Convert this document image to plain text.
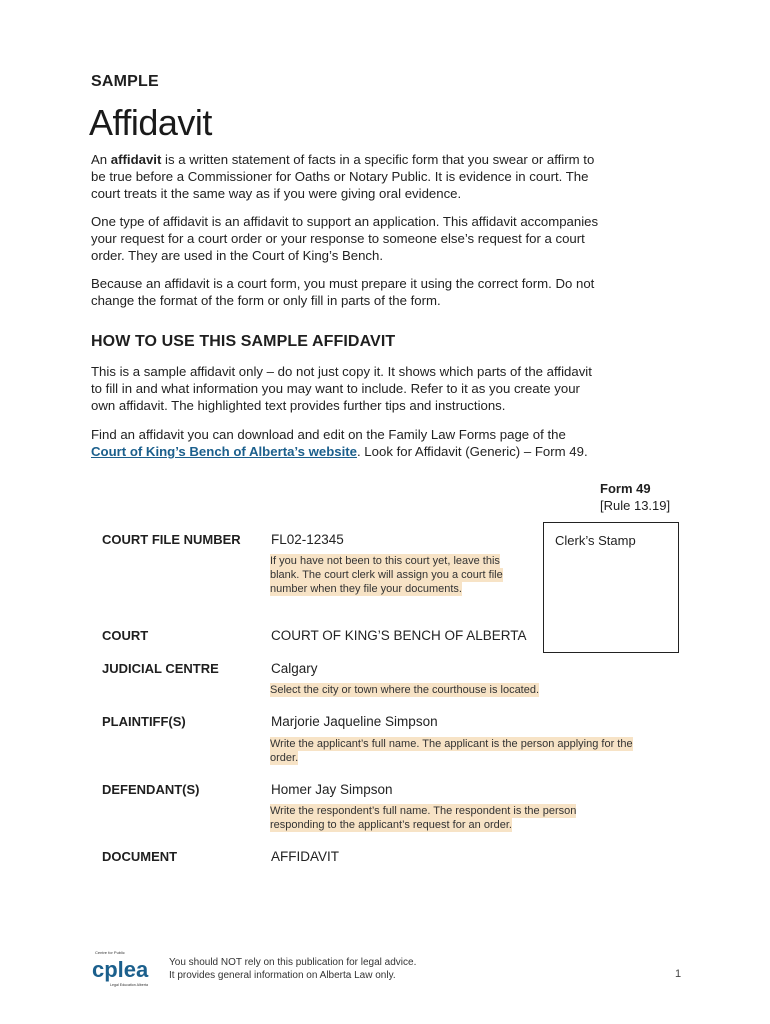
SAMPLE
Affidavit

An affidavit is a written statement of facts in a specific form that you swear or affirm to be true before a Commissioner for Oaths or Notary Public. It is evidence in court. The court treats it the same way as if you were giving oral evidence.

One type of affidavit is an affidavit to support an application. This affidavit accompanies your request for a court order or your response to someone else’s request for a court order. They are used in the Court of King’s Bench.

Because an affidavit is a court form, you must prepare it using the correct form. Do not change the format of the form or only fill in parts of the form.

HOW TO USE THIS SAMPLE AFFIDAVIT

This is a sample affidavit only – do not just copy it. It shows which parts of the affidavit to fill in and what information you may want to include. Refer to it as you create your own affidavit. The highlighted text provides further tips and instructions.

Find an affidavit you can download and edit on the Family Law Forms page of the Court of King’s Bench of Alberta’s website. Look for Affidavit (Generic) – Form 49.

Form 49
[Rule 13.19]
Clerk’s Stamp
COURT FILE NUMBER FL02-12345
If you have not been to this court yet, leave this blank. The court clerk will assign you a court file number when they file your documents.
COURT	COURT OF KING’S BENCH OF ALBERTA
JUDICIAL CENTRE	Calgary
Select the city or town where the courthouse is located.
PLAINTIFF(S)	Marjorie Jaqueline Simpson
Write the applicant’s full name. The applicant is the person applying for the order.
DEFENDANT(S)	Homer Jay Simpson
Write the respondent’s full name. The respondent is the person responding to the applicant’s request for an order.
DOCUMENT	AFFIDAVIT
Centre for Public
cplea
Legal Education Alberta
You should NOT rely on this publication for legal advice.
It provides general information on Alberta Law only.	1
